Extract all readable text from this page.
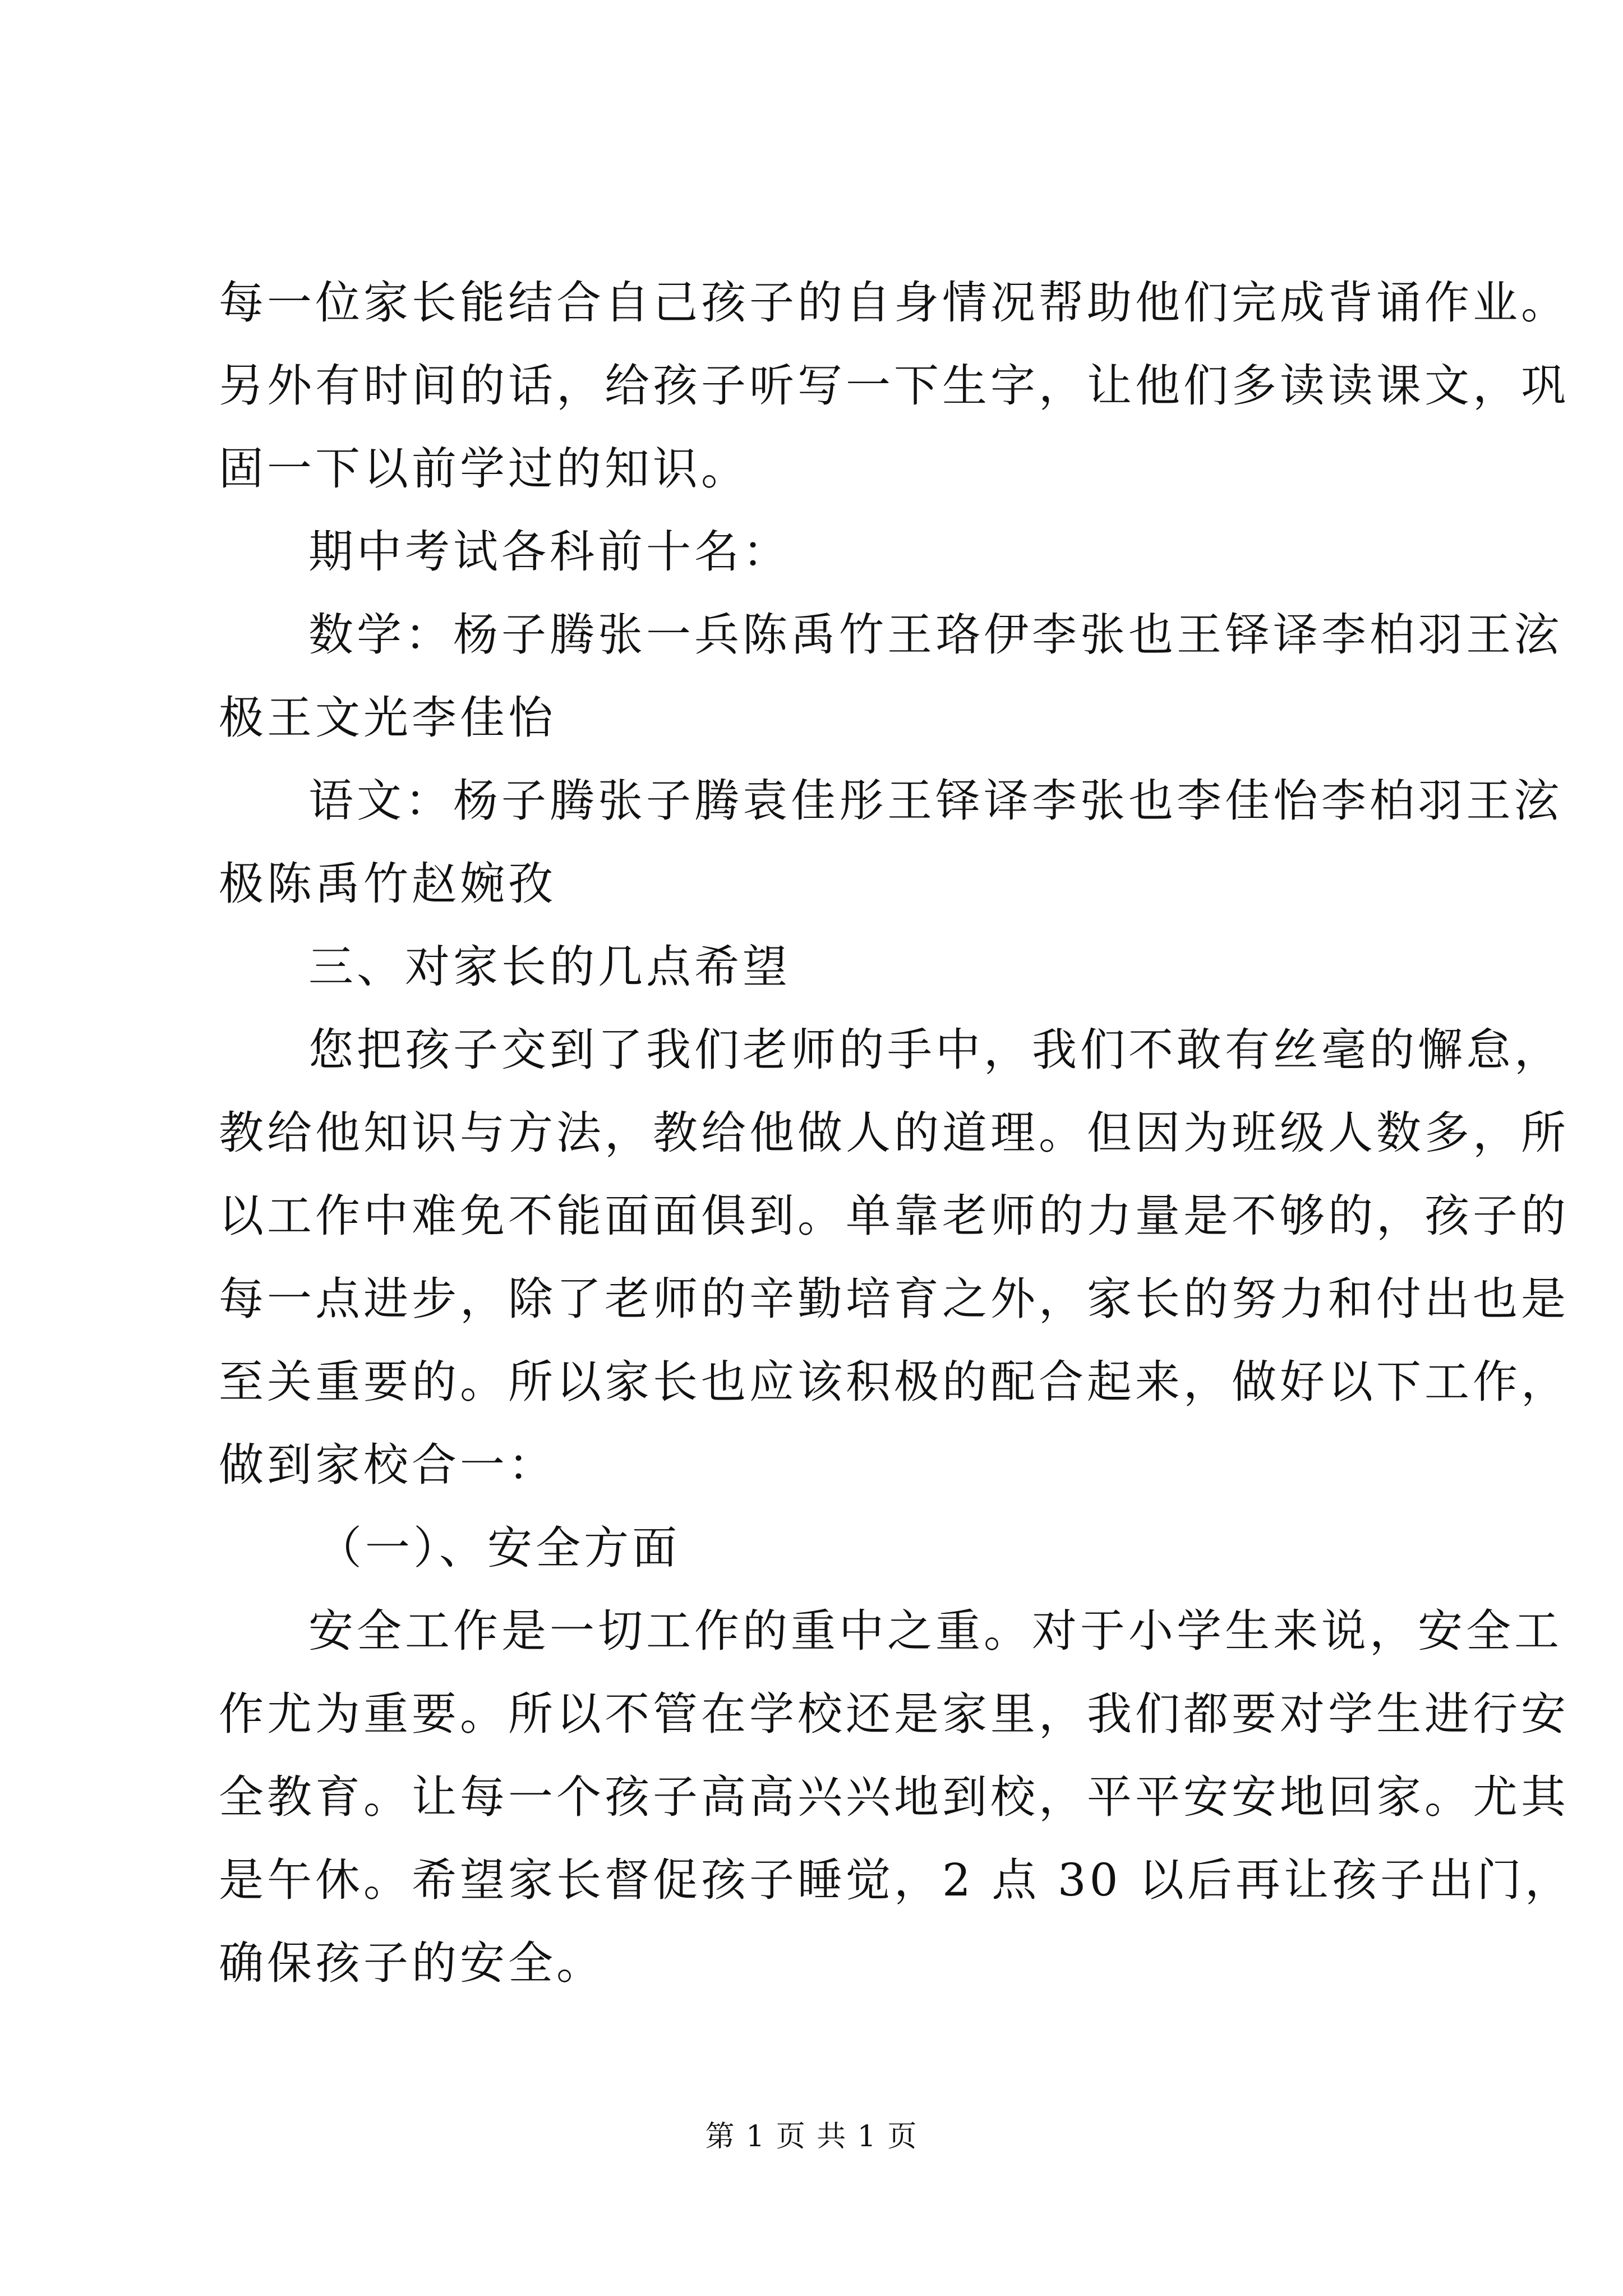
每一位家长能结合自己孩子的自身情况帮助他们完成背诵作业。
另外有时间的话，给孩子听写一下生字，让他们多读读课文，巩
固一下以前学过的知识。
期中考试各科前十名：
数学：杨子腾张一兵陈禹竹王珞伊李张也王铎译李柏羽王泫
极王文光李佳怡
语文：杨子腾张子腾袁佳彤王铎译李张也李佳怡李柏羽王泫
极陈禹竹赵婉孜
三、对家长的几点希望
您把孩子交到了我们老师的手中，我们不敢有丝毫的懈怠，
教给他知识与方法，教给他做人的道理。但因为班级人数多，所
以工作中难免不能面面俱到。单靠老师的力量是不够的，孩子的
每一点进步，除了老师的辛勤培育之外，家长的努力和付出也是
至关重要的。所以家长也应该积极的配合起来，做好以下工作，
做到家校合一：
（一）、安全方面
安全工作是一切工作的重中之重。对于小学生来说，安全工
作尤为重要。所以不管在学校还是家里，我们都要对学生进行安
全教育。让每一个孩子高高兴兴地到校，平平安安地回家。尤其
是午休。希望家长督促孩子睡觉，2 点 30 以后再让孩子出门，
确保孩子的安全。
第 1 页 共 1 页
